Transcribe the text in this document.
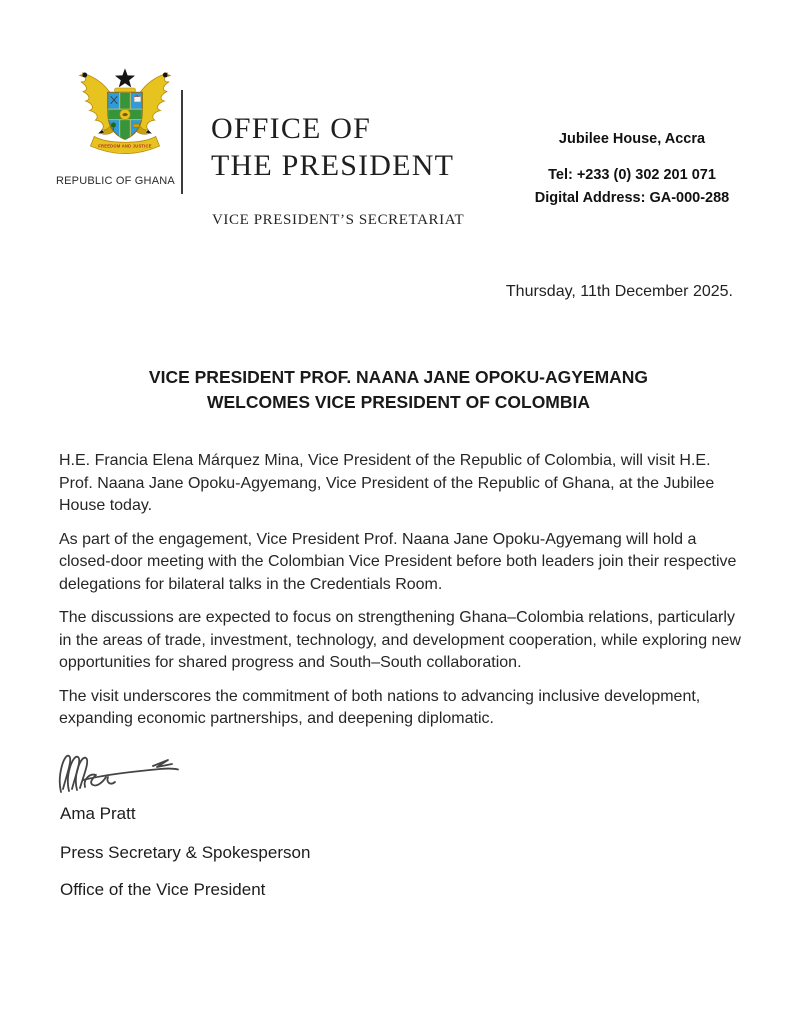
FREEDOM AND JUSTICE
REPUBLIC OF GHANA
OFFICE OF
THE PRESIDENT
VICE PRESIDENT’S SECRETARIAT

Jubilee House, Accra

Tel: +233 (0) 302 201 071

Digital Address: GA-000-288

Thursday, 11th December 2025.
VICE PRESIDENT PROF. NAANA JANE OPOKU-AGYEMANG
WELCOMES VICE PRESIDENT OF COLOMBIA

H.E. Francia Elena Márquez Mina, Vice President of the Republic of Colombia, will visit H.E. Prof. Naana Jane Opoku-Agyemang, Vice President of the Republic of Ghana, at the Jubilee House today.

As part of the engagement, Vice President Prof. Naana Jane Opoku-Agyemang will hold a closed-door meeting with the Colombian Vice President before both leaders join their respective delegations for bilateral talks in the Credentials Room.

The discussions are expected to focus on strengthening Ghana–Colombia relations, particularly in the areas of trade, investment, technology, and development cooperation, while exploring new opportunities for shared progress and South–South collaboration.

The visit underscores the commitment of both nations to advancing inclusive development, expanding economic partnerships, and deepening diplomatic.

Ama Pratt
Press Secretary & Spokesperson
Office of the Vice President
